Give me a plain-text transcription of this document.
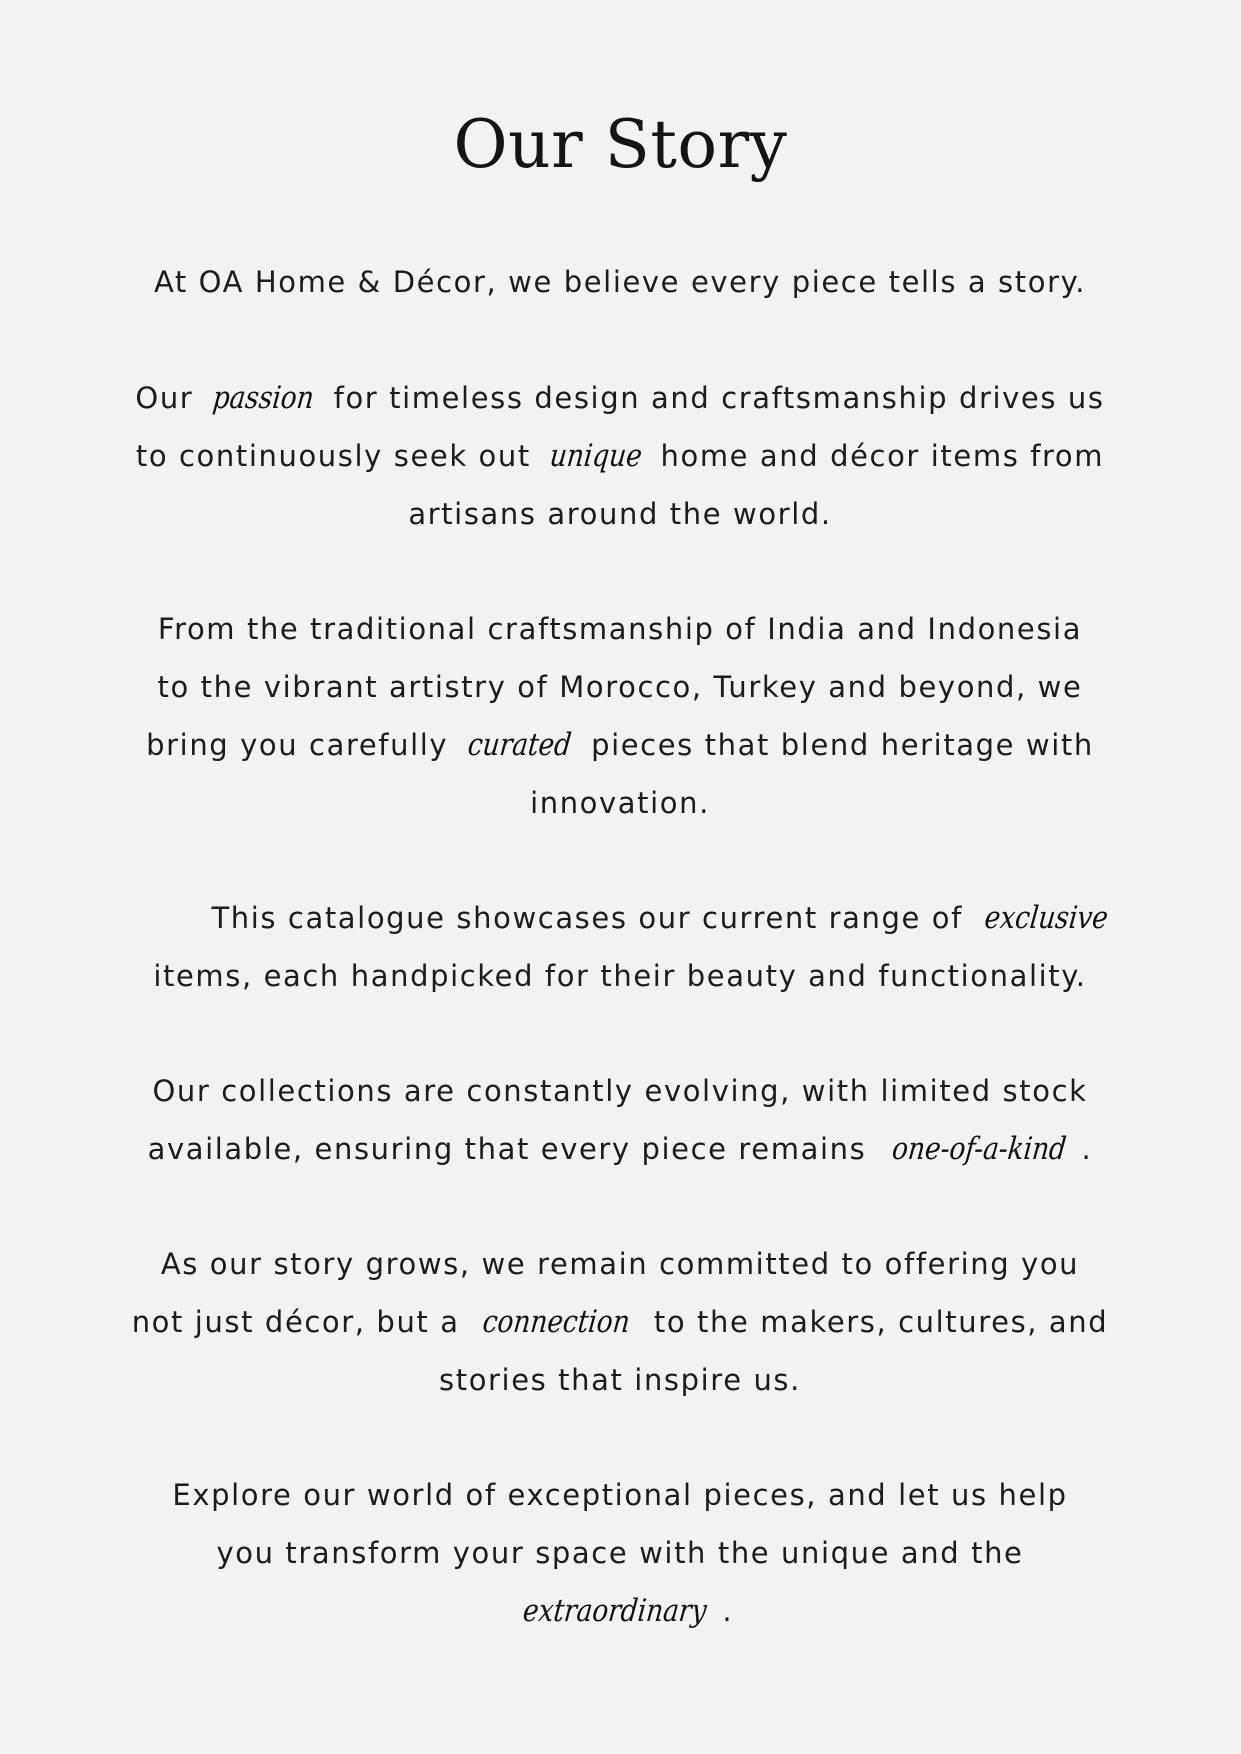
Our Story

At OA Home & Décor, we believe every piece tells a story.

Our passion for timeless design and craftsmanship drives us
to continuously seek out unique home and décor items from
artisans around the world.

From the traditional craftsmanship of India and Indonesia
to the vibrant artistry of Morocco, Turkey and beyond, we
bring you carefully curated pieces that blend heritage with
innovation.

This catalogue showcases our current range of exclusive
items, each handpicked for their beauty and functionality.

Our collections are constantly evolving, with limited stock
available, ensuring that every piece remains one-of-a-kind .

As our story grows, we remain committed to offering you
not just décor, but a connection to the makers, cultures, and
stories that inspire us.

Explore our world of exceptional pieces, and let us help
you transform your space with the unique and the
extraordinary .
